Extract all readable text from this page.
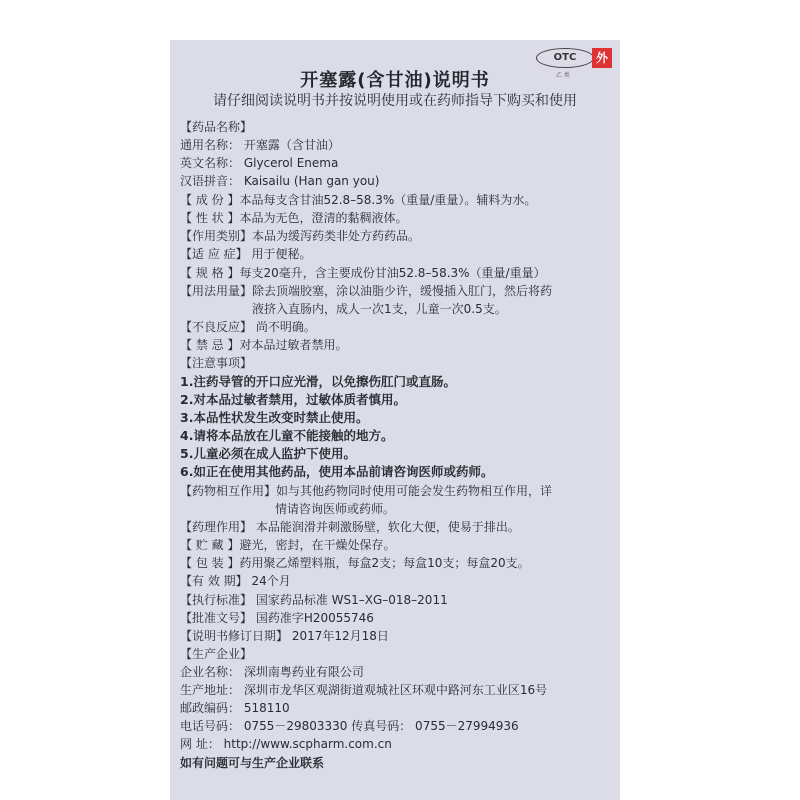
开塞露(含甘油)说明书
请仔细阅读说明书并按说明使用或在药师指导下购买和使用
OTC
乙 类
外
【药品名称】
通用名称： 开塞露（含甘油）
英文名称： Glycerol Enema
汉语拼音： Kaisailu (Han gan you)
【 成 份 】本品每支含甘油52.8–58.3%（重量/重量）。辅料为水。
【 性 状 】本品为无色，澄清的黏稠液体。
【作用类别】本品为缓泻药类非处方药药品。
【适 应 症】 用于便秘。
【 规 格 】每支20毫升，含主要成份甘油52.8–58.3%（重量/重量）
【用法用量】除去顶端胶塞，涂以油脂少许，缓慢插入肛门，然后将药
液挤入直肠内，成人一次1支，儿童一次0.5支。
【不良反应】 尚不明确。
【 禁 忌 】对本品过敏者禁用。
【注意事项】
1.注药导管的开口应光滑，以免擦伤肛门或直肠。
2.对本品过敏者禁用，过敏体质者慎用。
3.本品性状发生改变时禁止使用。
4.请将本品放在儿童不能接触的地方。
5.儿童必须在成人监护下使用。
6.如正在使用其他药品，使用本品前请咨询医师或药师。
【药物相互作用】如与其他药物同时使用可能会发生药物相互作用，详
情请咨询医师或药师。
【药理作用】 本品能润滑并刺激肠壁，软化大便，使易于排出。
【 贮 藏 】避光，密封，在干燥处保存。
【 包 装 】药用聚乙烯塑料瓶，每盒2支；每盒10支；每盒20支。
【有 效 期】 24个月
【执行标准】 国家药品标准 WS1–XG–018–2011
【批准文号】 国药准字H20055746
【说明书修订日期】 2017年12月18日
【生产企业】
企业名称： 深圳南粤药业有限公司
生产地址： 深圳市龙华区观湖街道观城社区环观中路河东工业区16号
邮政编码： 518110
电话号码： 0755－29803330 传真号码： 0755－27994936
网 址： http://www.scpharm.com.cn
如有问题可与生产企业联系
